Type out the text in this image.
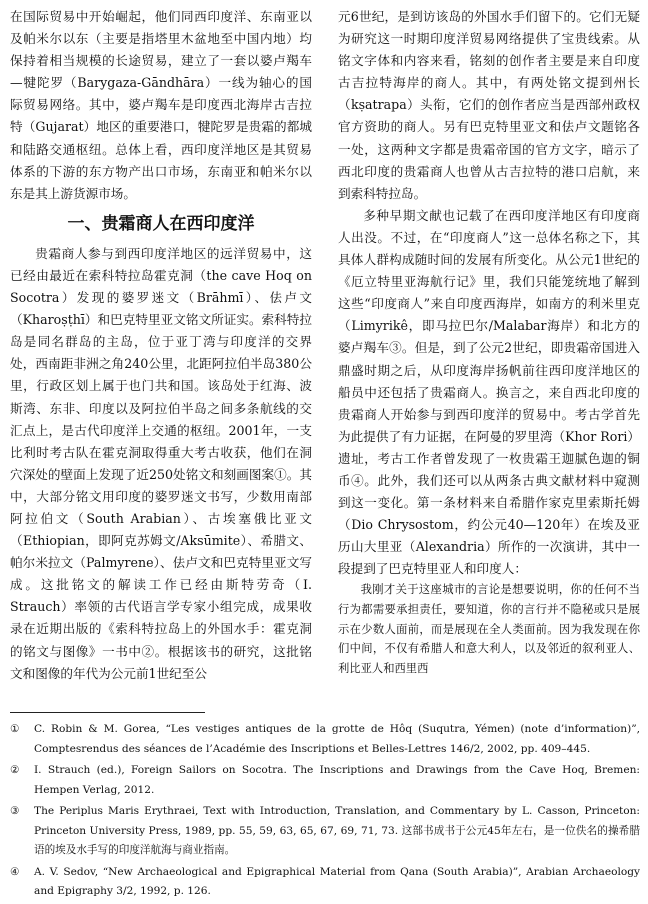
在国际贸易中开始崛起，他们同西印度洋、东南亚以及帕米尔以东（主要是指塔里木盆地至中国内地）均保持着相当规模的长途贸易，建立了一套以婆卢羯车—犍陀罗（Barygaza-Gāndhāra）一线为轴心的国际贸易网络。其中，婆卢羯车是印度西北海岸古吉拉特（Gujarat）地区的重要港口，犍陀罗是贵霜的都城和陆路交通枢纽。总体上看，西印度洋地区是其贸易体系的下游的东方物产出口市场，东南亚和帕米尔以东是其上游货源市场。

一、贵霜商人在西印度洋

贵霜商人参与到西印度洋地区的远洋贸易中，这已经由最近在索科特拉岛霍克洞（the cave Hoq on Socotra）发现的婆罗迷文（Brāhmī）、佉卢文（Kharoṣṭhī）和巴克特里亚文铭文所证实。索科特拉岛是同名群岛的主岛，位于亚丁湾与印度洋的交界处，西南距非洲之角240公里，北距阿拉伯半岛380公里，行政区划上属于也门共和国。该岛处于红海、波斯湾、东非、印度以及阿拉伯半岛之间多条航线的交汇点上，是古代印度洋上交通的枢纽。2001年，一支比利时考古队在霍克洞取得重大考古收获，他们在洞穴深处的壁面上发现了近250处铭文和刻画图案①。其中，大部分铭文用印度的婆罗迷文书写，少数用南部阿拉伯文（South Arabian）、古埃塞俄比亚文（Ethiopian，即阿克苏姆文/Aksūmite）、希腊文、帕尔米拉文（Palmyrene）、佉卢文和巴克特里亚文写成。这批铭文的解读工作已经由斯特劳奇（I. Strauch）率领的古代语言学专家小组完成，成果收录在近期出版的《索科特拉岛上的外国水手：霍克洞的铭文与图像》一书中②。根据该书的研究，这批铭文和图像的年代为公元前1世纪至公

元6世纪，是到访该岛的外国水手们留下的。它们无疑为研究这一时期印度洋贸易网络提供了宝贵线索。从铭文字体和内容来看，铭刻的创作者主要是来自印度古吉拉特海岸的商人。其中，有两处铭文提到州长（kṣatrapa）头衔，它们的创作者应当是西部州政权官方资助的商人。另有巴克特里亚文和佉卢文题铭各一处，这两种文字都是贵霜帝国的官方文字，暗示了西北印度的贵霜商人也曾从古吉拉特的港口启航，来到索科特拉岛。

多种早期文献也记载了在西印度洋地区有印度商人出没。不过，在“印度商人”这一总体名称之下，其具体人群构成随时间的发展有所变化。从公元1世纪的《厄立特里亚海航行记》里，我们只能笼统地了解到这些“印度商人”来自印度西海岸，如南方的利米里克（Limyrikê，即马拉巴尔/Malabar海岸）和北方的婆卢羯车③。但是，到了公元2世纪，即贵霜帝国进入鼎盛时期之后，从印度海岸扬帆前往西印度洋地区的船员中还包括了贵霜商人。换言之，来自西北印度的贵霜商人开始参与到西印度洋的贸易中。考古学首先为此提供了有力证据，在阿曼的罗里湾（Khor Rori）遗址，考古工作者曾发现了一枚贵霜王迦腻色迦的铜币④。此外，我们还可以从两条古典文献材料中窥测到这一变化。第一条材料来自希腊作家克里索斯托姆（Dio Chrysostom，约公元40—120年）在埃及亚历山大里亚（Alexandria）所作的一次演讲，其中一段提到了巴克特里亚人和印度人：

我刚才关于这座城市的言论是想要说明，你的任何不当行为都需要承担责任，要知道，你的言行并不隐秘或只是展示在少数人面前，而是展现在全人类面前。因为我发现在你们中间，不仅有希腊人和意大利人，以及邻近的叙利亚人、利比亚人和西里西

①	C. Robin & M. Gorea, “Les vestiges antiques de la grotte de Hôq (Suqutra, Yémen) (note d’information)”, Comptesrendus des séances de l’Académie des Inscriptions et Belles-Lettres 146/2, 2002, pp. 409–445.
②	I. Strauch (ed.), Foreign Sailors on Socotra. The Inscriptions and Drawings from the Cave Hoq, Bremen: Hempen Verlag, 2012.
③	The Periplus Maris Erythraei, Text with Introduction, Translation, and Commentary by L. Casson, Princeton: Princeton University Press, 1989, pp. 55, 59, 63, 65, 67, 69, 71, 73. 这部书成书于公元45年左右，是一位佚名的操希腊语的埃及水手写的印度洋航海与商业指南。
④	A. V. Sedov, “New Archaeological and Epigraphical Material from Qana (South Arabia)”, Arabian Archaeology and Epigraphy 3/2, 1992, p. 126.
